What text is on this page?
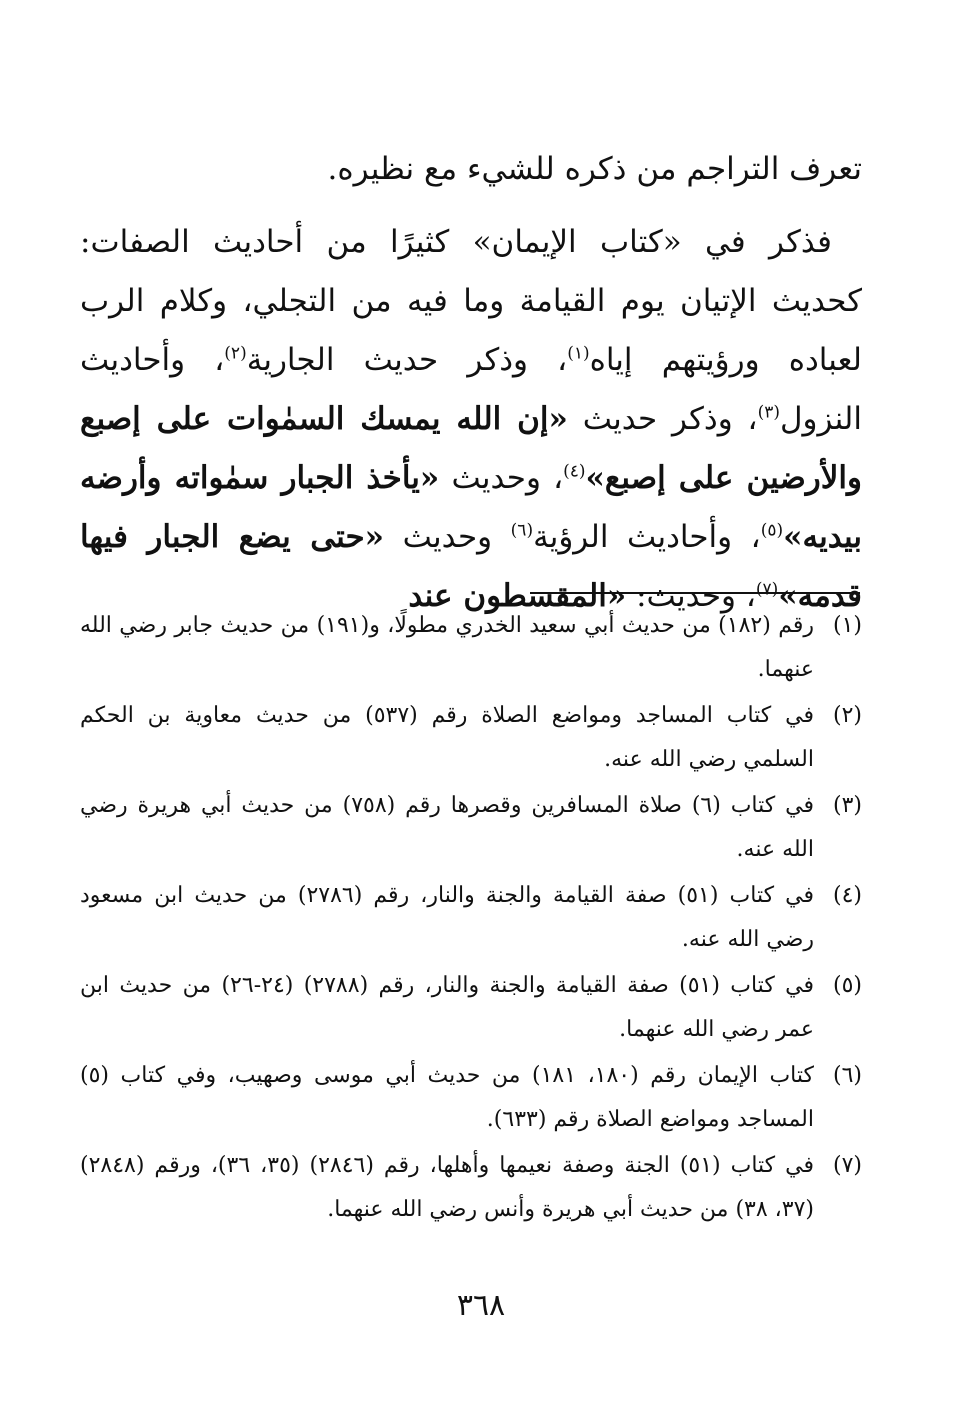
تعرف التراجم من ذكره للشيء مع نظيره.

فذكر في «كتاب الإيمان» كثيرًا من أحاديث الصفات: كحديث الإتيان يوم القيامة وما فيه من التجلي، وكلام الرب لعباده ورؤيتهم إياه$^{(١)}$، وذكر حديث الجارية$^{(٢)}$، وأحاديث النزول$^{(٣)}$، وذكر حديث «إن الله يمسك السمٰوات على إصبع والأرضين على إصبع»$^{(٤)}$، وحديث «يأخذ الجبار سمٰواته وأرضه بيديه»$^{(٥)}$، وأحاديث الرؤية$^{(٦)}$ وحديث «حتى يضع الجبار فيها قدمه»$^{(٧)}$، وحديث: «المقسطون عند

(١)
رقم (١٨٢) من حديث أبي سعيد الخدري مطولًا، و(١٩١) من حديث جابر رضي الله عنهما.
(٢)
في كتاب المساجد ومواضع الصلاة رقم (٥٣٧) من حديث معاوية بن الحكم السلمي رضي الله عنه.
(٣)
في كتاب (٦) صلاة المسافرين وقصرها رقم (٧٥٨) من حديث أبي هريرة رضي الله عنه.
(٤)
في كتاب (٥١) صفة القيامة والجنة والنار، رقم (٢٧٨٦) من حديث ابن مسعود رضي الله عنه.
(٥)
في كتاب (٥١) صفة القيامة والجنة والنار، رقم (٢٧٨٨) (٢٤-٢٦) من حديث ابن عمر رضي الله عنهما.
(٦)
كتاب الإيمان رقم (١٨٠، ١٨١) من حديث أبي موسى وصهيب، وفي كتاب (٥) المساجد ومواضع الصلاة رقم (٦٣٣).
(٧)
في كتاب (٥١) الجنة وصفة نعيمها وأهلها، رقم (٢٨٤٦) (٣٥، ٣٦)، ورقم (٢٨٤٨) (٣٧، ٣٨) من حديث أبي هريرة وأنس رضي الله عنهما.
٣٦٨
